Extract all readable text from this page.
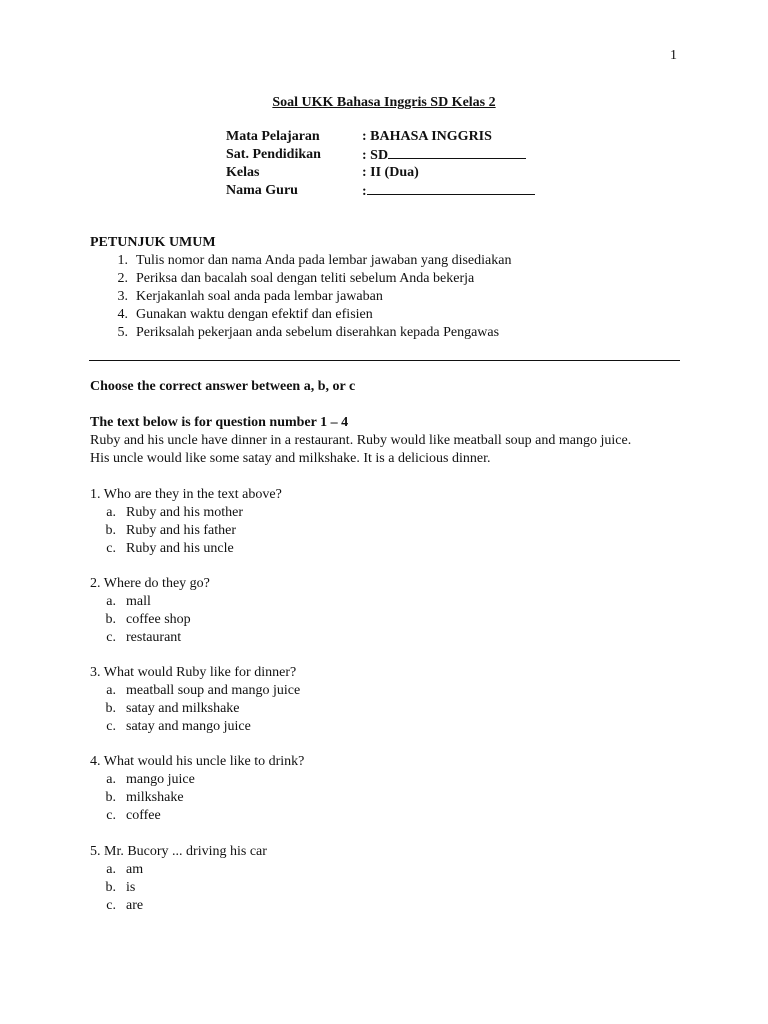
1
Soal UKK Bahasa Inggris SD Kelas 2
Mata Pelajaran	: BAHASA INGGRIS
Sat. Pendidikan	: SD
Kelas	: II (Dua)
Nama Guru	:
PETUNJUK UMUM
1. Tulis nomor dan nama Anda pada lembar jawaban yang disediakan
2. Periksa dan bacalah soal dengan teliti sebelum Anda bekerja
3. Kerjakanlah soal anda pada lembar jawaban
4. Gunakan waktu dengan efektif dan efisien
5. Periksalah pekerjaan anda sebelum diserahkan kepada Pengawas
Choose the correct answer between a, b, or c
The text below is for question number 1 – 4
Ruby and his uncle have dinner in a restaurant. Ruby would like meatball soup and mango juice.
His uncle would like some satay and milkshake. It is a delicious dinner.
1. Who are they in the text above?
a. Ruby and his mother
b. Ruby and his father
c. Ruby and his uncle
2. Where do they go?
a. mall
b. coffee shop
c. restaurant
3. What would Ruby like for dinner?
a. meatball soup and mango juice
b. satay and milkshake
c. satay and mango juice
4. What would his uncle like to drink?
a. mango juice
b. milkshake
c. coffee
5. Mr. Bucory ... driving his car
a. am
b. is
c. are
